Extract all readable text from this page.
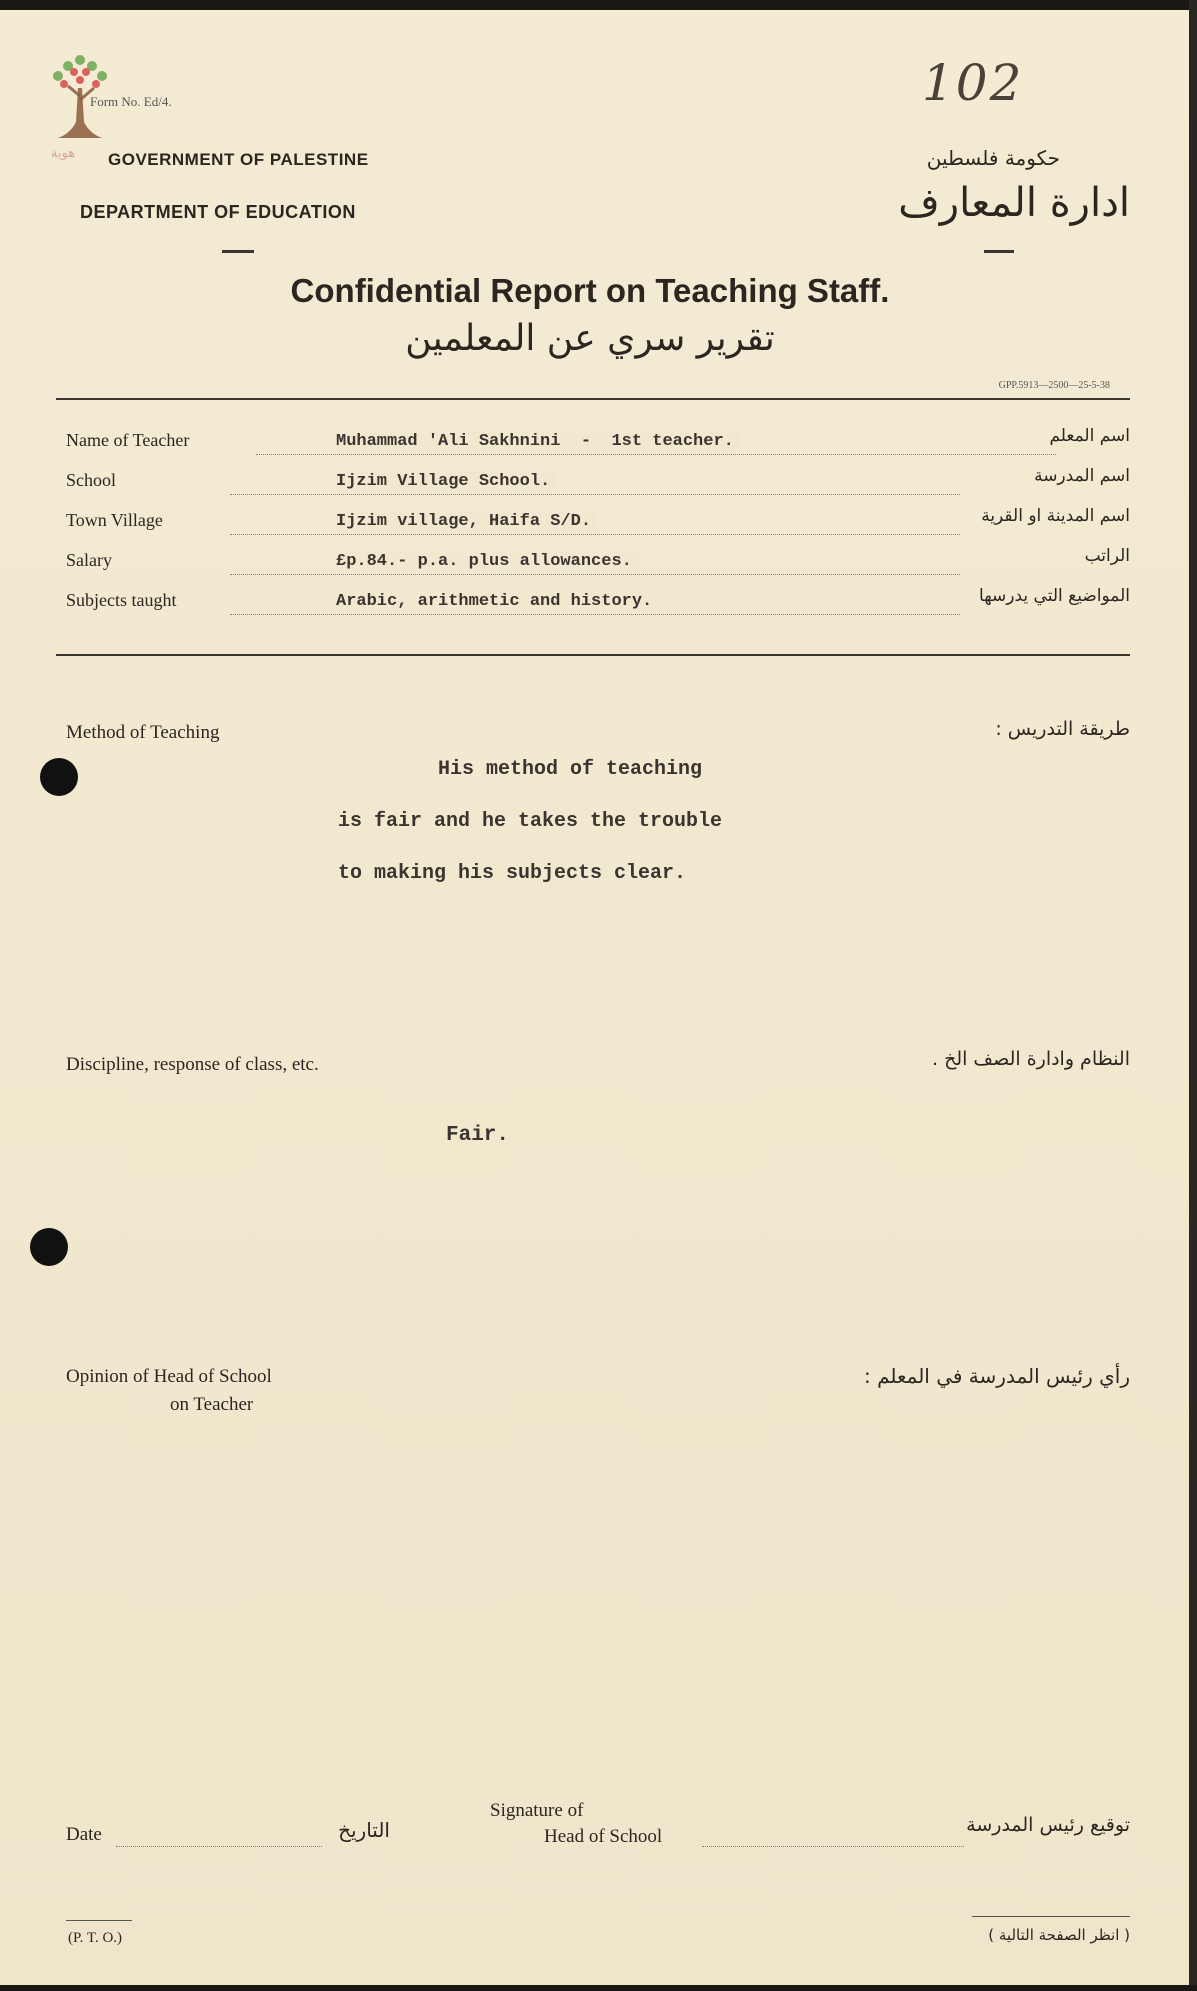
هوية
Form No. Ed/4.	102
GOVERNMENT OF PALESTINE
DEPARTMENT OF EDUCATION
حكومة فلسطين
ادارة المعارف
Confidential Report on Teaching Staff.
تقرير سري عن المعلمين
GPP.5913—2500—25-5-38
Name of Teacher	Muhammad 'Ali Sakhnini  -  1st teacher.	اسم المعلم
School	Ijzim Village School.	اسم المدرسة
Town Village	Ijzim village, Haifa S/D.	اسم المدينة او القرية
Salary	£p.84.- p.a. plus allowances.	الراتب
Subjects taught	Arabic, arithmetic and history.	المواضيع التي يدرسها
Method of Teaching	طريقة التدريس :
His method of teaching
is fair and he takes the trouble
to making his subjects clear.
Discipline, response of class, etc.	النظام وادارة الصف الخ .
Fair.
Opinion of Head of School
on Teacher
رأي رئيس المدرسة في المعلم :
Date	التاريخ
Signature of
Head of School
توقيع رئيس المدرسة
(P. T. O.)	( انظر الصفحة التالية )
